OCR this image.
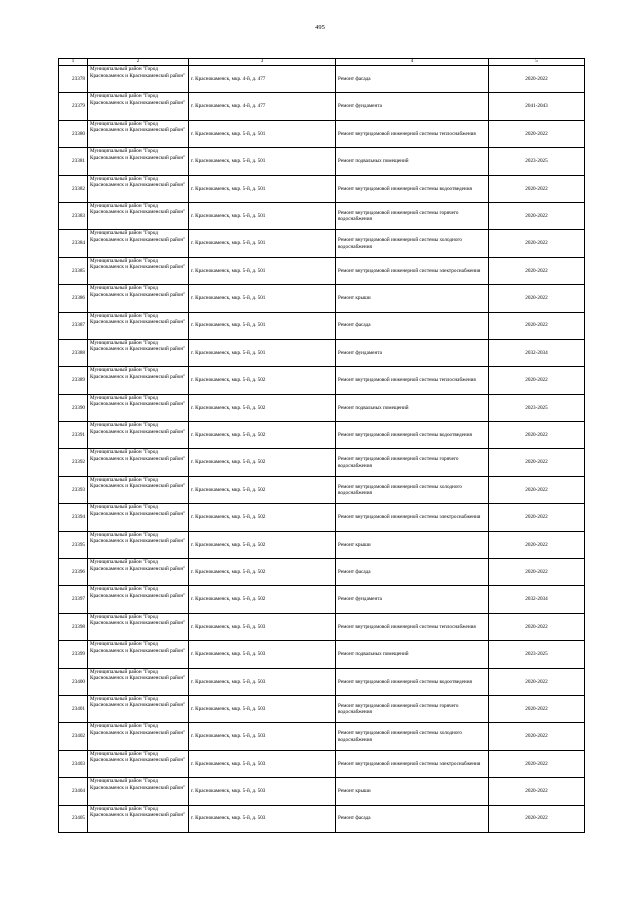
495
1	2	3	4	5
23378	Муниципальный район "Город Краснокаменск и Краснокаменский район"	г. Краснокаменск, мкр. 4-й, д. 477	Ремонт фасада	2020-2022
23379	Муниципальный район "Город Краснокаменск и Краснокаменский район"	г. Краснокаменск, мкр. 4-й, д. 477	Ремонт фундамента	2041-2043
23380	Муниципальный район "Город Краснокаменск и Краснокаменский район"	г. Краснокаменск, мкр. 5-й, д. 501	Ремонт внутридомовой инженерной системы теплоснабжения	2020-2022
23381	Муниципальный район "Город Краснокаменск и Краснокаменский район"	г. Краснокаменск, мкр. 5-й, д. 501	Ремонт подвальных помещений	2023-2025
23382	Муниципальный район "Город Краснокаменск и Краснокаменский район"	г. Краснокаменск, мкр. 5-й, д. 501	Ремонт внутридомовой инженерной системы водоотведения	2020-2022
23383	Муниципальный район "Город Краснокаменск и Краснокаменский район"	г. Краснокаменск, мкр. 5-й, д. 501	Ремонт внутридомовой инженерной системы горячего водоснабжения	2020-2022
23384	Муниципальный район "Город Краснокаменск и Краснокаменский район"	г. Краснокаменск, мкр. 5-й, д. 501	Ремонт внутридомовой инженерной системы холодного водоснабжения	2020-2022
23385	Муниципальный район "Город Краснокаменск и Краснокаменский район"	г. Краснокаменск, мкр. 5-й, д. 501	Ремонт внутридомовой инженерной системы электроснабжения	2020-2022
23386	Муниципальный район "Город Краснокаменск и Краснокаменский район"	г. Краснокаменск, мкр. 5-й, д. 501	Ремонт крыши	2020-2022
23387	Муниципальный район "Город Краснокаменск и Краснокаменский район"	г. Краснокаменск, мкр. 5-й, д. 501	Ремонт фасада	2020-2022
23388	Муниципальный район "Город Краснокаменск и Краснокаменский район"	г. Краснокаменск, мкр. 5-й, д. 501	Ремонт фундамента	2032-2034
23389	Муниципальный район "Город Краснокаменск и Краснокаменский район"	г. Краснокаменск, мкр. 5-й, д. 502	Ремонт внутридомовой инженерной системы теплоснабжения	2020-2022
23390	Муниципальный район "Город Краснокаменск и Краснокаменский район"	г. Краснокаменск, мкр. 5-й, д. 502	Ремонт подвальных помещений	2023-2025
23391	Муниципальный район "Город Краснокаменск и Краснокаменский район"	г. Краснокаменск, мкр. 5-й, д. 502	Ремонт внутридомовой инженерной системы водоотведения	2020-2022
23392	Муниципальный район "Город Краснокаменск и Краснокаменский район"	г. Краснокаменск, мкр. 5-й, д. 502	Ремонт внутридомовой инженерной системы горячего водоснабжения	2020-2022
23393	Муниципальный район "Город Краснокаменск и Краснокаменский район"	г. Краснокаменск, мкр. 5-й, д. 502	Ремонт внутридомовой инженерной системы холодного водоснабжения	2020-2022
23394	Муниципальный район "Город Краснокаменск и Краснокаменский район"	г. Краснокаменск, мкр. 5-й, д. 502	Ремонт внутридомовой инженерной системы электроснабжения	2020-2022
23395	Муниципальный район "Город Краснокаменск и Краснокаменский район"	г. Краснокаменск, мкр. 5-й, д. 502	Ремонт крыши	2020-2022
23396	Муниципальный район "Город Краснокаменск и Краснокаменский район"	г. Краснокаменск, мкр. 5-й, д. 502	Ремонт фасада	2020-2022
23397	Муниципальный район "Город Краснокаменск и Краснокаменский район"	г. Краснокаменск, мкр. 5-й, д. 502	Ремонт фундамента	2032-2034
23398	Муниципальный район "Город Краснокаменск и Краснокаменский район"	г. Краснокаменск, мкр. 5-й, д. 503	Ремонт внутридомовой инженерной системы теплоснабжения	2020-2022
23399	Муниципальный район "Город Краснокаменск и Краснокаменский район"	г. Краснокаменск, мкр. 5-й, д. 503	Ремонт подвальных помещений	2023-2025
23400	Муниципальный район "Город Краснокаменск и Краснокаменский район"	г. Краснокаменск, мкр. 5-й, д. 503	Ремонт внутридомовой инженерной системы водоотведения	2020-2022
23401	Муниципальный район "Город Краснокаменск и Краснокаменский район"	г. Краснокаменск, мкр. 5-й, д. 503	Ремонт внутридомовой инженерной системы горячего водоснабжения	2020-2022
23402	Муниципальный район "Город Краснокаменск и Краснокаменский район"	г. Краснокаменск, мкр. 5-й, д. 503	Ремонт внутридомовой инженерной системы холодного водоснабжения	2020-2022
23403	Муниципальный район "Город Краснокаменск и Краснокаменский район"	г. Краснокаменск, мкр. 5-й, д. 503	Ремонт внутридомовой инженерной системы электроснабжения	2020-2022
23404	Муниципальный район "Город Краснокаменск и Краснокаменский район"	г. Краснокаменск, мкр. 5-й, д. 503	Ремонт крыши	2020-2022
23405	Муниципальный район "Город Краснокаменск и Краснокаменский район"	г. Краснокаменск, мкр. 5-й, д. 503	Ремонт фасада	2020-2022
